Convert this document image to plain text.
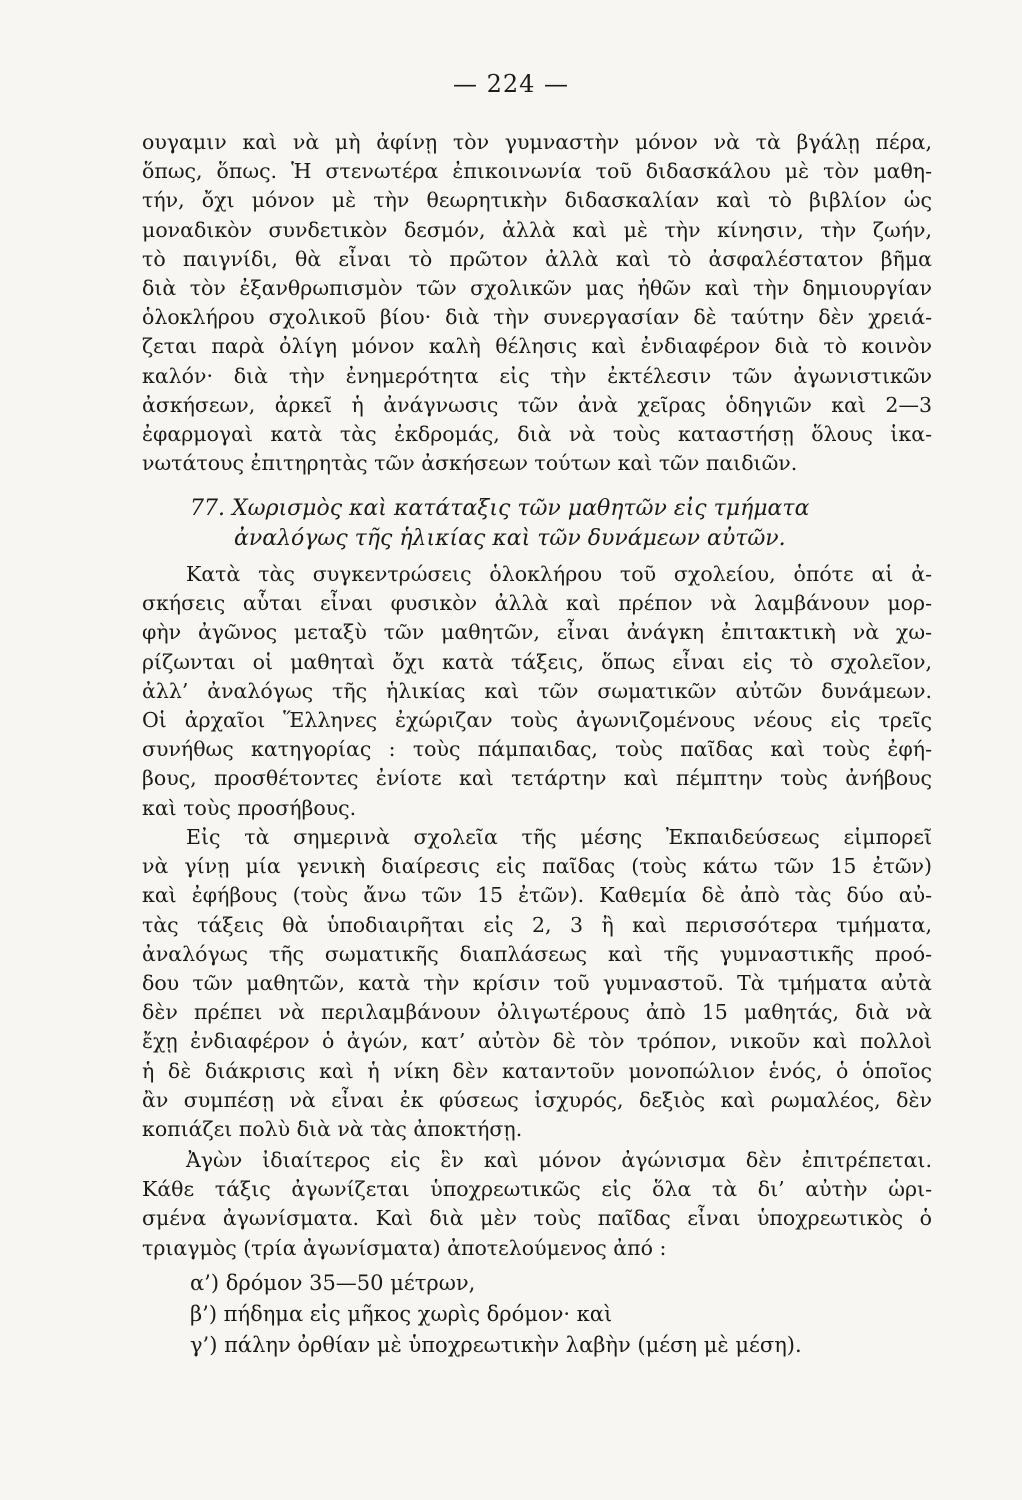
— 224 —
ουγαμιν καὶ νὰ μὴ ἀφίνῃ τὸν γυμναστὴν μόνον νὰ τὰ βγάλῃ πέρα,
ὅπως, ὅπως. Ἡ στενωτέρα ἐπικοινωνία τοῦ διδασκάλου μὲ τὸν μαθη-
τήν, ὄχι μόνον μὲ τὴν θεωρητικὴν διδασκαλίαν καὶ τὸ βιβλίον ὡς
μοναδικὸν συνδετικὸν δεσμόν, ἀλλὰ καὶ μὲ τὴν κίνησιν, τὴν ζωήν,
τὸ παιγνίδι, θὰ εἶναι τὸ πρῶτον ἀλλὰ καὶ τὸ ἀσφαλέστατον βῆμα
διὰ τὸν ἐξανθρωπισμὸν τῶν σχολικῶν μας ἠθῶν καὶ τὴν δημιουργίαν
ὁλοκλήρου σχολικοῦ βίου· διὰ τὴν συνεργασίαν δὲ ταύτην δὲν χρειά-
ζεται παρὰ ὀλίγη μόνον καλὴ θέλησις καὶ ἐνδιαφέρον διὰ τὸ κοινὸν
καλόν· διὰ τὴν ἐνημερότητα εἰς τὴν ἐκτέλεσιν τῶν ἀγωνιστικῶν
ἀσκήσεων, ἀρκεῖ ἡ ἀνάγνωσις τῶν ἀνὰ χεῖρας ὁδηγιῶν καὶ 2—3
ἐφαρμογαὶ κατὰ τὰς ἐκδρομάς, διὰ νὰ τοὺς καταστήσῃ ὅλους ἱκα-
νωτάτους ἐπιτηρητὰς τῶν ἀσκήσεων τούτων καὶ τῶν παιδιῶν.
77. Χωρισμὸς καὶ κατάταξις τῶν μαθητῶν εἰς τμήματα
ἀναλόγως τῆς ἡλικίας καὶ τῶν δυνάμεων αὐτῶν.
Κατὰ τὰς συγκεντρώσεις ὁλοκλήρου τοῦ σχολείου, ὁπότε αἱ ἀ-
σκήσεις αὗται εἶναι φυσικὸν ἀλλὰ καὶ πρέπον νὰ λαμβάνουν μορ-
φὴν ἀγῶνος μεταξὺ τῶν μαθητῶν, εἶναι ἀνάγκη ἐπιτακτικὴ νὰ χω-
ρίζωνται οἱ μαθηταὶ ὄχι κατὰ τάξεις, ὅπως εἶναι εἰς τὸ σχολεῖον,
ἀλλ’ ἀναλόγως τῆς ἡλικίας καὶ τῶν σωματικῶν αὐτῶν δυνάμεων.
Οἱ ἀρχαῖοι Ἕλληνες ἐχώριζαν τοὺς ἀγωνιζομένους νέους εἰς τρεῖς
συνήθως κατηγορίας : τοὺς πάμπαιδας, τοὺς παῖδας καὶ τοὺς ἐφή-
βους, προσθέτοντες ἐνίοτε καὶ τετάρτην καὶ πέμπτην τοὺς ἀνήβους
καὶ τοὺς προσήβους.
Εἰς τὰ σημερινὰ σχολεῖα τῆς μέσης Ἐκπαιδεύσεως εἰμπορεῖ
νὰ γίνῃ μία γενικὴ διαίρεσις εἰς παῖδας (τοὺς κάτω τῶν 15 ἐτῶν)
καὶ ἐφήβους (τοὺς ἄνω τῶν 15 ἐτῶν). Καθεμία δὲ ἀπὸ τὰς δύο αὐ-
τὰς τάξεις θὰ ὑποδιαιρῆται εἰς 2, 3 ἢ καὶ περισσότερα τμήματα,
ἀναλόγως τῆς σωματικῆς διαπλάσεως καὶ τῆς γυμναστικῆς προό-
δου τῶν μαθητῶν, κατὰ τὴν κρίσιν τοῦ γυμναστοῦ. Τὰ τμήματα αὐτὰ
δὲν πρέπει νὰ περιλαμβάνουν ὀλιγωτέρους ἀπὸ 15 μαθητάς, διὰ νὰ
ἔχῃ ἐνδιαφέρον ὁ ἀγών, κατ’ αὐτὸν δὲ τὸν τρόπον, νικοῦν καὶ πολλοὶ
ἡ δὲ διάκρισις καὶ ἡ νίκη δὲν καταντοῦν μονοπώλιον ἑνός, ὁ ὁποῖος
ἂν συμπέσῃ νὰ εἶναι ἐκ φύσεως ἰσχυρός, δεξιὸς καὶ ρωμαλέος, δὲν
κοπιάζει πολὺ διὰ νὰ τὰς ἀποκτήσῃ.
Ἀγὼν ἰδιαίτερος εἰς ἓν καὶ μόνον ἀγώνισμα δὲν ἐπιτρέπεται.
Κάθε τάξις ἀγωνίζεται ὑποχρεωτικῶς εἰς ὅλα τὰ δι’ αὐτὴν ὡρι-
σμένα ἀγωνίσματα. Καὶ διὰ μὲν τοὺς παῖδας εἶναι ὑποχρεωτικὸς ὁ
τριαγμὸς (τρία ἀγωνίσματα) ἀποτελούμενος ἀπό :
α’) δρόμον 35—50 μέτρων,
β’) πήδημα εἰς μῆκος χωρὶς δρόμον· καὶ
γ’) πάλην ὀρθίαν μὲ ὑποχρεωτικὴν λαβὴν (μέση μὲ μέση).
